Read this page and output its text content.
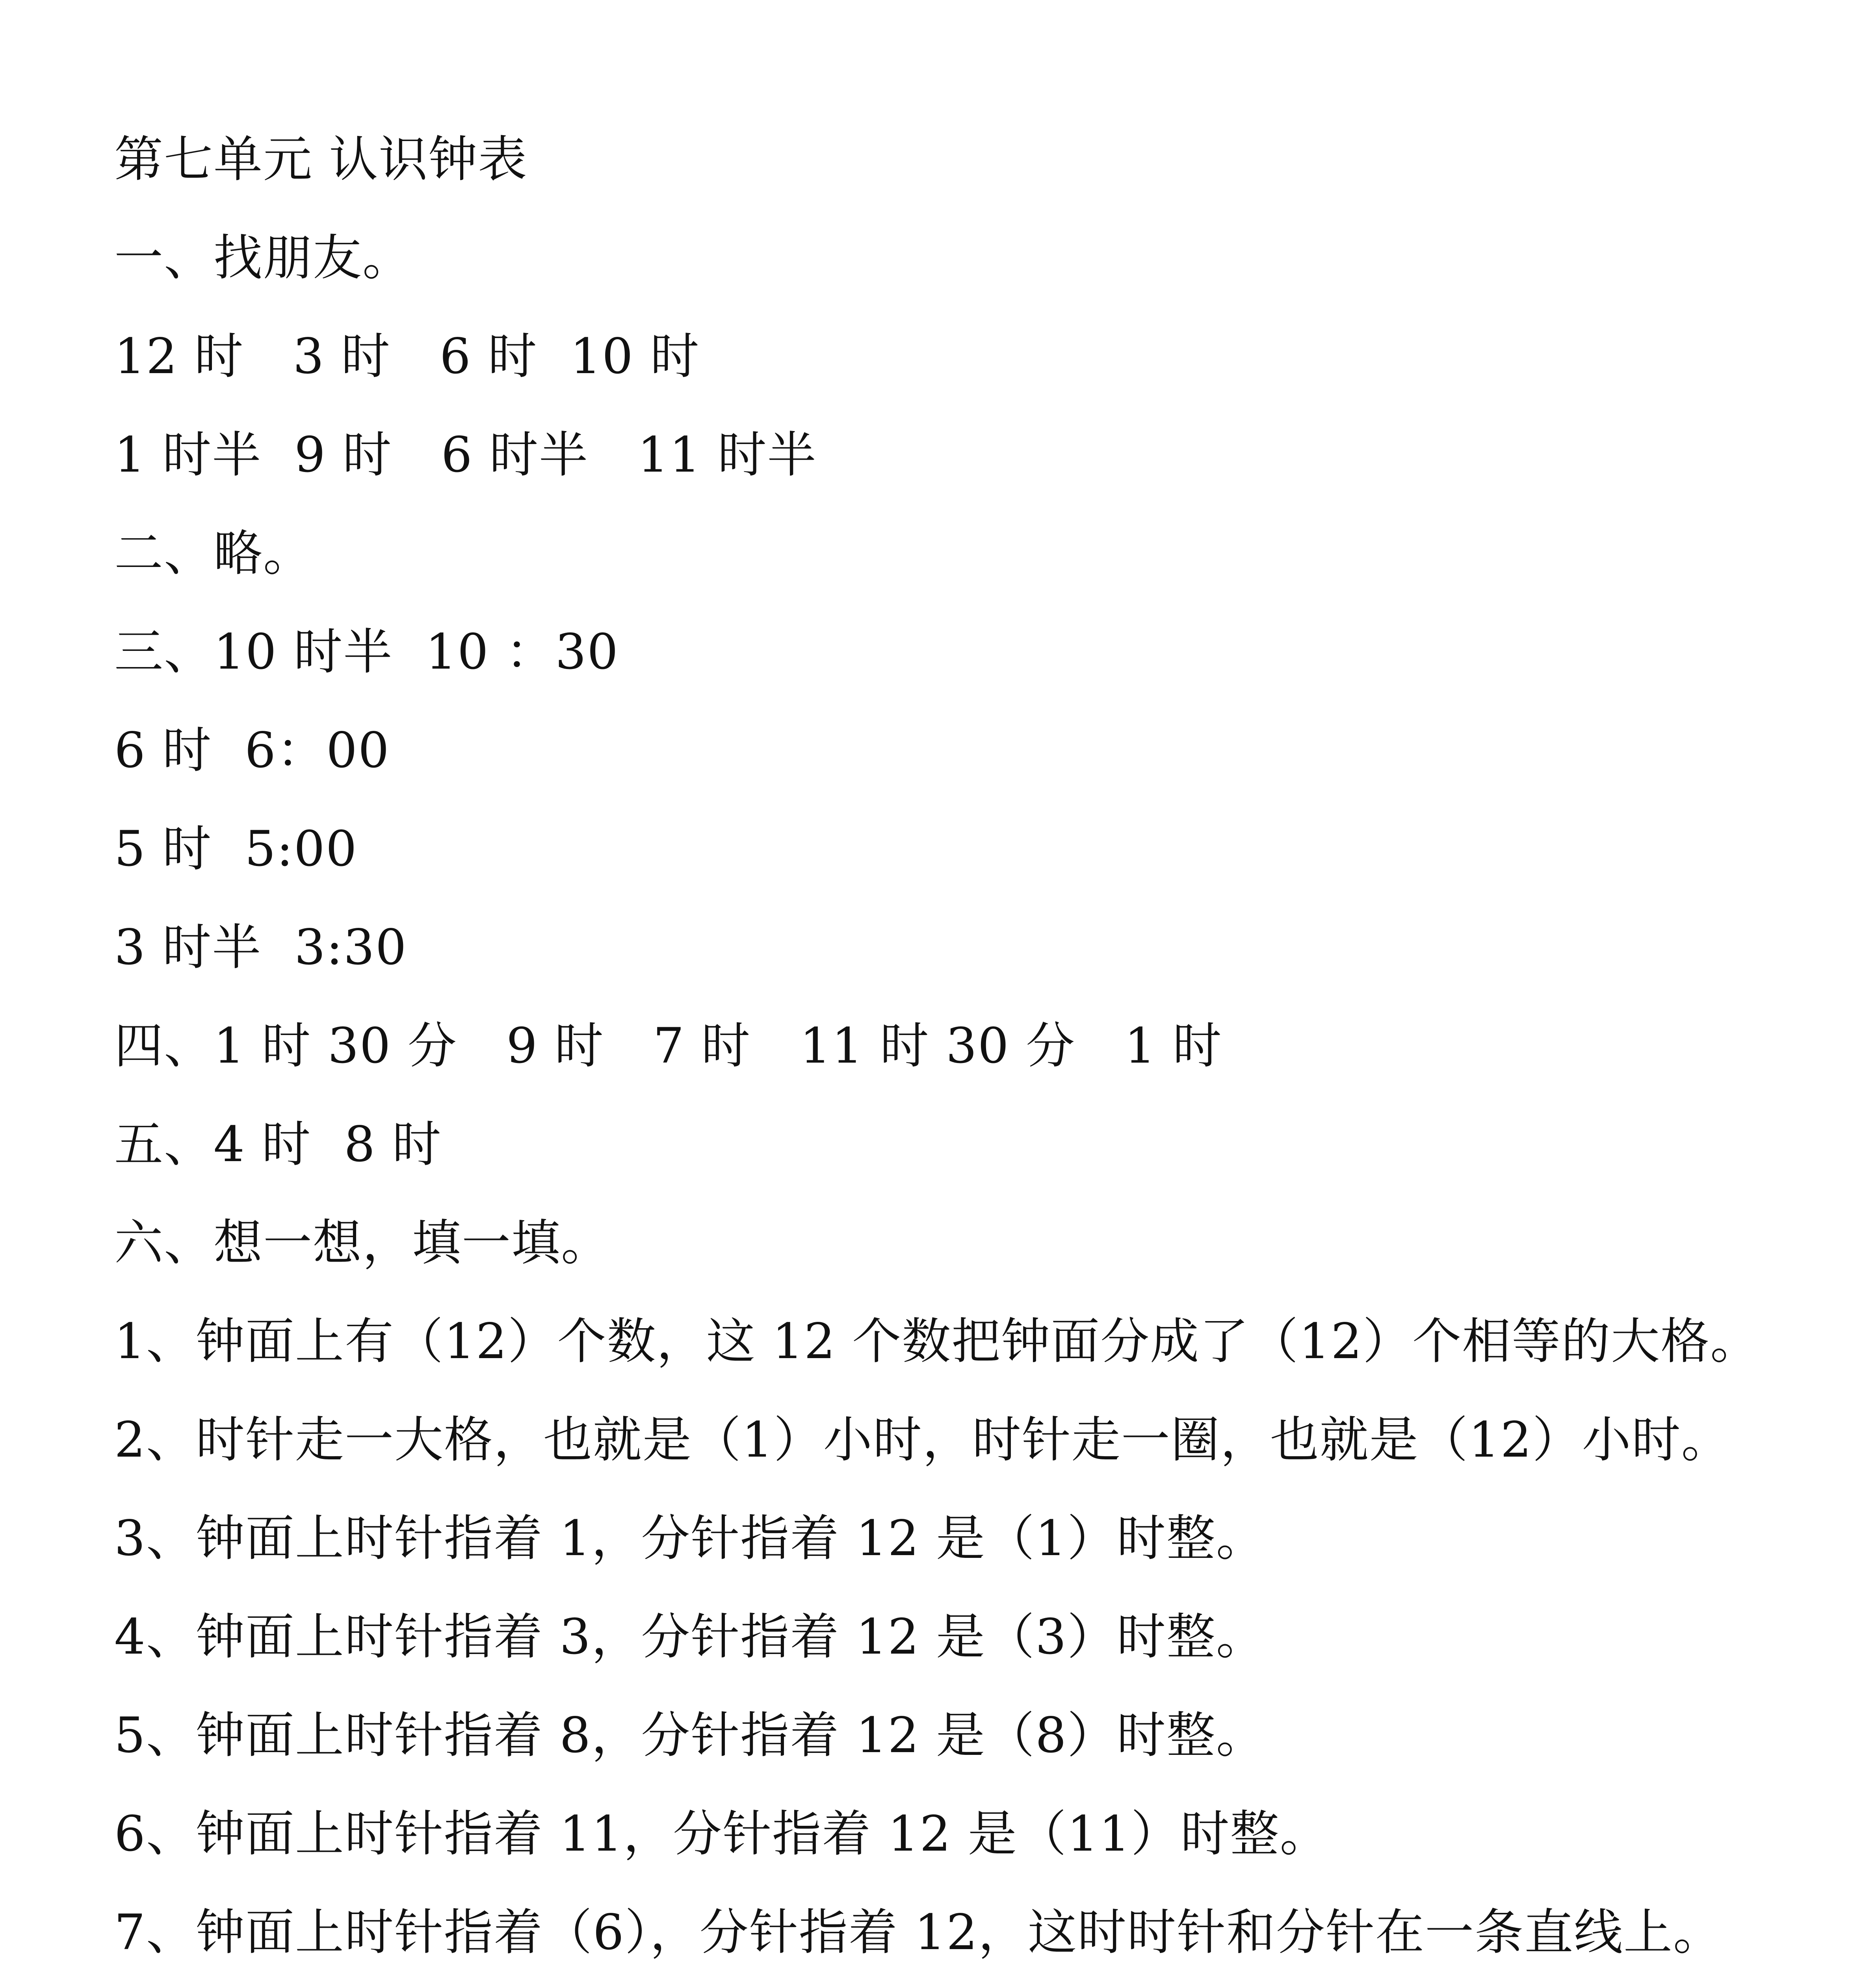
第七单元 认识钟表
一、找朋友。
12 时   3 时   6 时  10 时
1 时半  9 时   6 时半   11 时半
二、略。
三、10 时半  10 ：30
6 时  6：00
5 时  5:00
3 时半  3:30
四、1 时 30 分   9 时   7 时   11 时 30 分   1 时
五、4 时  8 时
六、想一想，填一填。
1、钟面上有（12）个数，这 12 个数把钟面分成了（12）个相等的大格。
2、时针走一大格，也就是（1）小时，时针走一圈，也就是（12）小时。
3、钟面上时针指着 1，分针指着 12 是（1）时整。
4、钟面上时针指着 3，分针指着 12 是（3）时整。
5、钟面上时针指着 8，分针指着 12 是（8）时整。
6、钟面上时针指着 11，分针指着 12 是（11）时整。
7、钟面上时针指着（6），分针指着 12，这时时针和分针在一条直线上。
